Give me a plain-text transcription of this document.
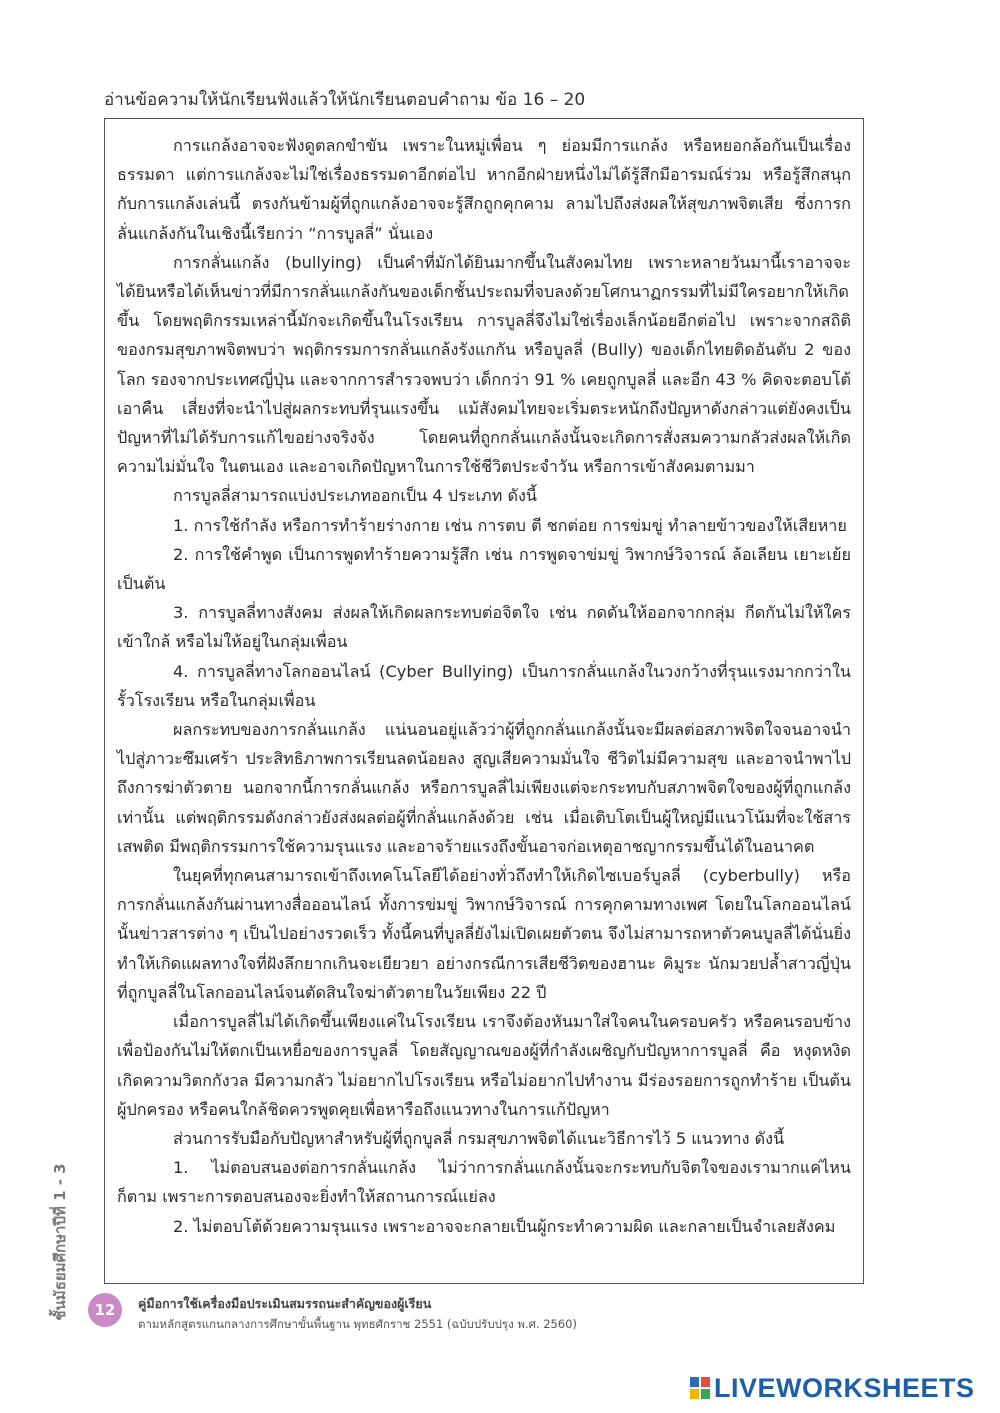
อ่านข้อความให้นักเรียนฟังแล้วให้นักเรียนตอบคำถาม ข้อ 16 – 20

การแกล้งอาจจะฟังดูตลกขำขัน เพราะในหมู่เพื่อน ๆ ย่อมมีการแกล้ง หรือหยอกล้อกันเป็นเรื่องธรรมดา แต่การแกล้งจะไม่ใช่เรื่องธรรมดาอีกต่อไป หากอีกฝ่ายหนึ่งไม่ได้รู้สึกมีอารมณ์ร่วม หรือรู้สึกสนุกกับการแกล้งเล่นนี้ ตรงกันข้ามผู้ที่ถูกแกล้งอาจจะรู้สึกถูกคุกคาม ลามไปถึงส่งผลให้สุขภาพจิตเสีย ซึ่งการกลั่นแกล้งกันในเชิงนี้เรียกว่า “การบูลลี่” นั่นเอง

การกลั่นแกล้ง (bullying) เป็นคำที่มักได้ยินมากขึ้นในสังคมไทย เพราะหลายวันมานี้เราอาจจะได้ยินหรือได้เห็นข่าวที่มีการกลั่นแกล้งกันของเด็กชั้นประถมที่จบลงด้วยโศกนาฏกรรมที่ไม่มีใครอยากให้เกิดขึ้น โดยพฤติกรรมเหล่านี้มักจะเกิดขึ้นในโรงเรียน การบูลลี่จึงไม่ใช่เรื่องเล็กน้อยอีกต่อไป เพราะจากสถิติของกรมสุขภาพจิตพบว่า พฤติกรรมการกลั่นแกล้งรังแกกัน หรือบูลลี่ (Bully) ของเด็กไทยติดอันดับ 2 ของโลก รองจากประเทศญี่ปุ่น และจากการสำรวจพบว่า เด็กกว่า 91 % เคยถูกบูลลี่ และอีก 43 % คิดจะตอบโต้เอาคืน เสี่ยงที่จะนำไปสู่ผลกระทบที่รุนแรงขึ้น แม้สังคมไทยจะเริ่มตระหนักถึงปัญหาดังกล่าวแต่ยังคงเป็นปัญหาที่ไม่ได้รับการแก้ไขอย่างจริงจัง โดยคนที่ถูกกลั่นแกล้งนั้นจะเกิดการสั่งสมความกลัวส่งผลให้เกิดความไม่มั่นใจ ในตนเอง และอาจเกิดปัญหาในการใช้ชีวิตประจำวัน หรือการเข้าสังคมตามมา

การบูลลี่สามารถแบ่งประเภทออกเป็น 4 ประเภท ดังนี้

1. การใช้กำลัง หรือการทำร้ายร่างกาย เช่น การตบ ตี ชกต่อย การข่มขู่ ทำลายข้าวของให้เสียหาย

2. การใช้คำพูด เป็นการพูดทำร้ายความรู้สึก เช่น การพูดจาข่มขู่ วิพากษ์วิจารณ์ ล้อเลียน เยาะเย้ยเป็นต้น

3. การบูลลี่ทางสังคม ส่งผลให้เกิดผลกระทบต่อจิตใจ เช่น กดดันให้ออกจากกลุ่ม กีดกันไม่ให้ใครเข้าใกล้ หรือไม่ให้อยู่ในกลุ่มเพื่อน

4. การบูลลี่ทางโลกออนไลน์ (Cyber Bullying) เป็นการกลั่นแกล้งในวงกว้างที่รุนแรงมากกว่าในรั้วโรงเรียน หรือในกลุ่มเพื่อน

ผลกระทบของการกลั่นแกล้ง แน่นอนอยู่แล้วว่าผู้ที่ถูกกลั่นแกล้งนั้นจะมีผลต่อสภาพจิตใจจนอาจนำไปสู่ภาวะซึมเศร้า ประสิทธิภาพการเรียนลดน้อยลง สูญเสียความมั่นใจ ชีวิตไม่มีความสุข และอาจนำพาไปถึงการฆ่าตัวตาย นอกจากนี้การกลั่นแกล้ง หรือการบูลลี่ไม่เพียงแต่จะกระทบกับสภาพจิตใจของผู้ที่ถูกแกล้งเท่านั้น แต่พฤติกรรมดังกล่าวยังส่งผลต่อผู้ที่กลั่นแกล้งด้วย เช่น เมื่อเติบโตเป็นผู้ใหญ่มีแนวโน้มที่จะใช้สารเสพติด มีพฤติกรรมการใช้ความรุนแรง และอาจร้ายแรงถึงขั้นอาจก่อเหตุอาชญากรรมขึ้นได้ในอนาคต

ในยุคที่ทุกคนสามารถเข้าถึงเทคโนโลยีได้อย่างทั่วถึงทำให้เกิดไซเบอร์บูลลี่ (cyberbully) หรือการกลั่นแกล้งกันผ่านทางสื่อออนไลน์ ทั้งการข่มขู่ วิพากษ์วิจารณ์ การคุกคามทางเพศ โดยในโลกออนไลน์นั้นข่าวสารต่าง ๆ เป็นไปอย่างรวดเร็ว ทั้งนี้คนที่บูลลี่ยังไม่เปิดเผยตัวตน จึงไม่สามารถหาตัวคนบูลลี่ได้นั่นยิ่งทำให้เกิดแผลทางใจที่ฝังลึกยากเกินจะเยียวยา อย่างกรณีการเสียชีวิตของฮานะ คิมูระ นักมวยปล้ำสาวญี่ปุ่นที่ถูกบูลลี่ในโลกออนไลน์จนตัดสินใจฆ่าตัวตายในวัยเพียง 22 ปี

เมื่อการบูลลี่ไม่ได้เกิดขึ้นเพียงแค่ในโรงเรียน เราจึงต้องหันมาใส่ใจคนในครอบครัว หรือคนรอบข้างเพื่อป้องกันไม่ให้ตกเป็นเหยื่อของการบูลลี่ โดยสัญญาณของผู้ที่กำลังเผชิญกับปัญหาการบูลลี่ คือ หงุดหงิดเกิดความวิตกกังวล มีความกลัว ไม่อยากไปโรงเรียน หรือไม่อยากไปทำงาน มีร่องรอยการถูกทำร้าย เป็นต้น ผู้ปกครอง หรือคนใกล้ชิดควรพูดคุยเพื่อหารือถึงแนวทางในการแก้ปัญหา

ส่วนการรับมือกับปัญหาสำหรับผู้ที่ถูกบูลลี่ กรมสุขภาพจิตได้แนะวิธีการไว้ 5 แนวทาง ดังนี้

1. ไม่ตอบสนองต่อการกลั่นแกล้ง ไม่ว่าการกลั่นแกล้งนั้นจะกระทบกับจิตใจของเรามากแค่ไหนก็ตาม เพราะการตอบสนองจะยิ่งทำให้สถานการณ์แย่ลง

2. ไม่ตอบโต้ด้วยความรุนแรง เพราะอาจจะกลายเป็นผู้กระทำความผิด และกลายเป็นจำเลยสังคม

ชั้นมัธยมศึกษาปีที่ 1 - 3	12	คู่มือการใช้เครื่องมือประเมินสมรรถนะสำคัญของผู้เรียน
ตามหลักสูตรแกนกลางการศึกษาขั้นพื้นฐาน พุทธศักราช 2551 (ฉบับปรับปรุง พ.ศ. 2560)
LIVEWORKSHEETS
